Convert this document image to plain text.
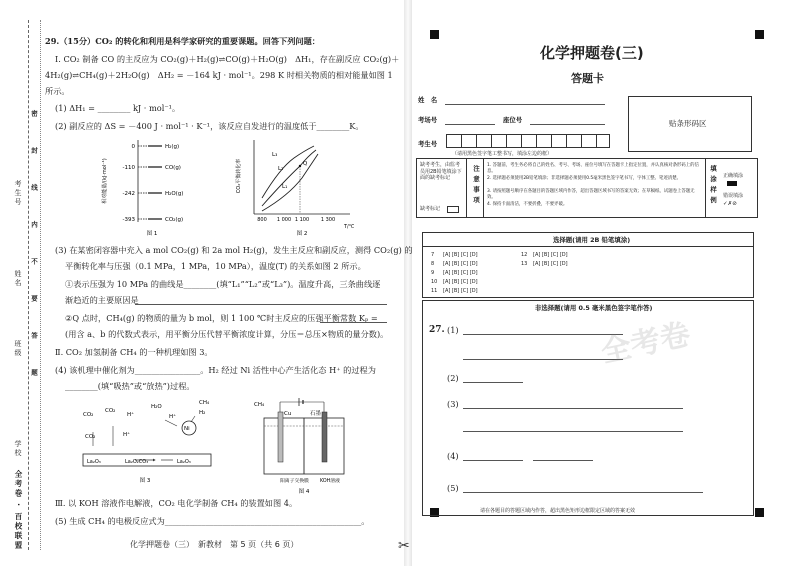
学校
班级
姓名
考生号 密　封　线　内　不　要　答　题
全考卷 · 百校联盟
29.（15分）CO₂ 的转化和利用是科学家研究的重要课题。回答下列问题：
Ⅰ. CO₂ 制备 CO 的主反应为 CO₂(g)＋H₂(g)⇌CO(g)＋H₂O(g)　ΔH₁，存在副反应 CO₂(g)＋
4H₂(g)⇌CH₄(g)＋2H₂O(g)　ΔH₂ = －164 kJ · mol⁻¹。298 K 时相关物质的相对能量如图 1
所示。
(1) ΔH₁ = ________ kJ · mol⁻¹。
(2) 副反应的 ΔS = －400 J · mol⁻¹ · K⁻¹，该反应自发进行的温度低于________K。
相对能量/(kJ·mol⁻¹)
0
-110
-242
-393
H₂(g)
CO(g)
H₂O(g)
CO₂(g)
图 1
CO₂平衡转化率
L₃
L₂
L₁
Q
800 1 000 1 100 1 300
T/℃
图 2
(3) 在某密闭容器中充入 a mol CO₂(g) 和 2a mol H₂(g)，发生主反应和副反应，测得 CO₂(g) 的
平衡转化率与压强（0.1 MPa，1 MPa，10 MPa），温度(T) 的关系如图 2 所示。
①表示压强为 10 MPa 的曲线是________(填“L₁”“L₂”或“L₃”)。温度升高，三条曲线逐
渐趋近的主要原因是
②Q 点时，CH₄(g) 的物质的量为 b mol，则 1 100 ℃时主反应的压强平衡常数 Kₚ =
(用含 a、b 的代数式表示，用平衡分压代替平衡浓度计算，分压＝总压×物质的量分数)。
Ⅱ. CO₂ 加氢制备 CH₄ 的一种机理如图 3。
(4) 该机理中催化剂为________________。H₂ 经过 Ni 活性中心产生活化态 H⁺ 的过程为
________(填“吸热”或“放热”)过程。
CO₂
CO₂
H⁺
H₂O
CH₄
H₂
CO₂	H⁺
H⁺
Ni
La₂O₃	La₂O₂CO₃	La₂O₃
图 3
CH₄
Cu	石墨
阳离子交换膜 KOH溶液
图 4
Ⅲ. 以 KOH 溶液作电解液，CO₂ 电化学制备 CH₄ 的装置如图 4。
(5) 生成 CH₄ 的电极反应式为________________________________________________。
化学押题卷（三）　新教材　第 5 页（共 6 页）	✂
化学押题卷(三)
答题卡
姓　名
考场号	座位号
考生号
（请用黑色签字笔工整书写，填涂左边的框）
贴条形码区
缺考考生，由监考员用2B铅笔填涂下面的缺考标记
缺考标记
注意事项 1. 答题前，考生务必将自己的姓名、考号、考场、座位号填写在答题卡上指定位置，并认真核对条形码上的信息。
2. 选择题必须使用2B铅笔填涂；非选择题必须使用0.5毫米黑色签字笔书写，字体工整、笔迹清楚。
3. 请按照题号顺序在各题目的答题区域内作答，超出答题区域书写的答案无效；在草稿纸、试题卷上答题无效。
4. 保持卡面清洁，不要折叠，不要弄破。	填涂样例 正确填涂
错误填涂
✓✗⊘
选择题(请用 2B 铅笔填涂)
7 [A] [B] [C] [D]
8 [A] [B] [C] [D]
9 [A] [B] [C] [D]
10 [A] [B] [C] [D]
11 [A] [B] [C] [D]
12 [A] [B] [C] [D]
13 [A] [B] [C] [D]
非选择题(请用 0.5 毫米黑色签字笔作答)
27. (1)
(2)
(3)
(4)
(5)
请在各题目的答题区域内作答，超出黑色矩形边框限定区域的答案无效
全考卷
